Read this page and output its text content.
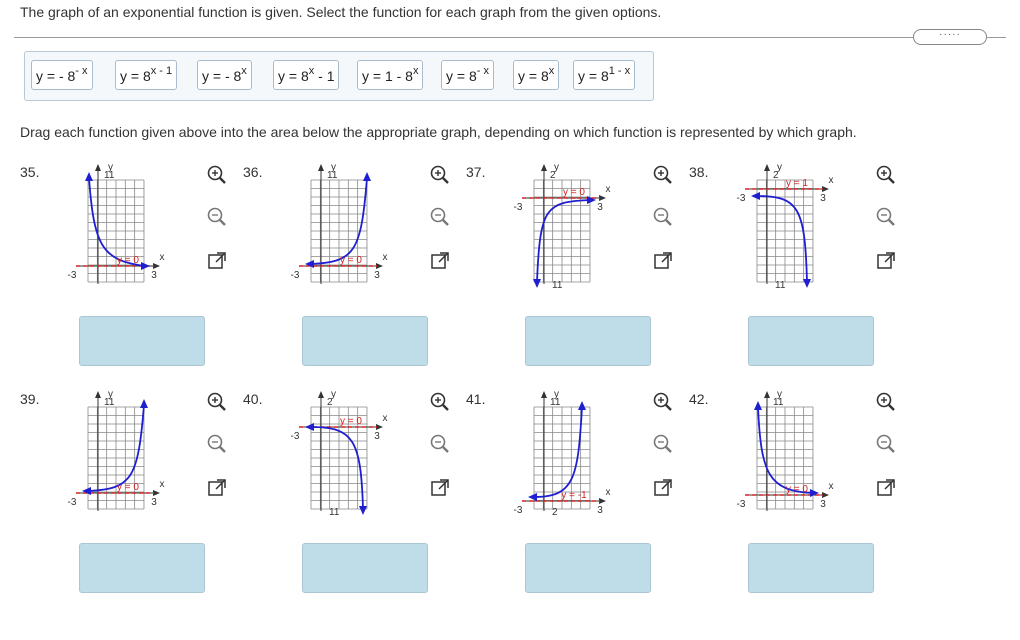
The graph of an exponential function is given. Select the function for each graph from the given options.
·····
y = - $8^{- x}$	$y = 8^{x - 1}$	y = - 8$^x$	$y = 8^x - 1$	y = 1 - 8$^x$	$y = 8^{- x}$	$y = 8^x$	$y = 8^{1 - x}$
Drag each function given above into the area below the appropriate graph, depending on which function is represented by which graph.
35.	y
x
-3	3
11
y = 0
36.	y
x
-3	3
11
y = 0
37.	y
x
-3	3
2
11
y = 0
38.	y
x
-3	3
2
11
y = 1
39.	y
x
-3	3
11
y = 0
40.	y
x
-3	3
2
11
y = 0
41.	y
x
-3	3
11
2
y = -1
42.	y
x
-3	3
11
y = 0
